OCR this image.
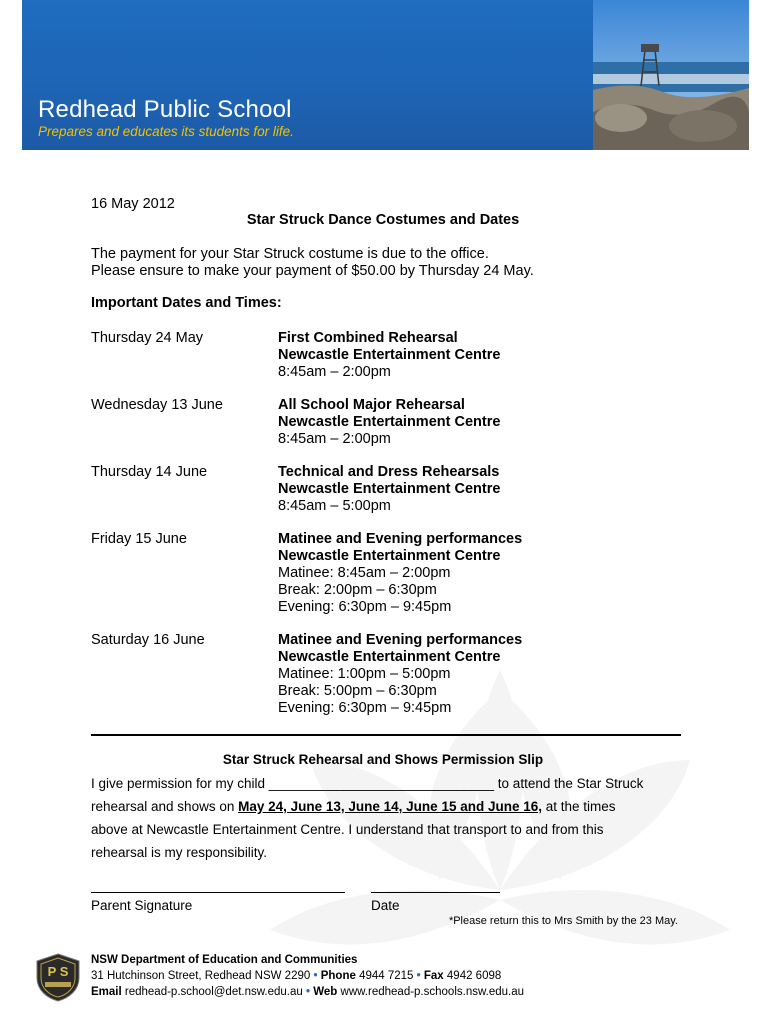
Redhead Public School
Prepares and educates its students for life.
16 May 2012
Star Struck Dance Costumes and Dates
The payment for your Star Struck costume is due to the office.
Please ensure to make your payment of $50.00 by Thursday 24 May.
Important Dates and Times:
Thursday 24 May	First Combined Rehearsal
Newcastle Entertainment Centre
8:45am – 2:00pm
Wednesday 13 June	All School Major Rehearsal
Newcastle Entertainment Centre
8:45am – 2:00pm
Thursday 14 June	Technical and Dress Rehearsals
Newcastle Entertainment Centre
8:45am – 5:00pm
Friday 15 June	Matinee and Evening performances
Newcastle Entertainment Centre
Matinee: 8:45am – 2:00pm
Break: 2:00pm – 6:30pm
Evening: 6:30pm – 9:45pm
Saturday 16 June	Matinee and Evening performances
Newcastle Entertainment Centre
Matinee: 1:00pm – 5:00pm
Break: 5:00pm – 6:30pm
Evening: 6:30pm – 9:45pm
Star Struck Rehearsal and Shows Permission Slip
I give permission for my child ______________________________ to attend the Star Struck
rehearsal and shows on May 24, June 13, June 14, June 15 and June 16, at the times
above at Newcastle Entertainment Centre. I understand that transport to and from this
rehearsal is my responsibility.
Parent Signature	Date
*Please return this to Mrs Smith by the 23 May.
P S
NSW Department of Education and Communities
31 Hutchinson Street, Redhead NSW 2290 • Phone 4944 7215 • Fax 4942 6098
Email redhead-p.school@det.nsw.edu.au • Web www.redhead-p.schools.nsw.edu.au
